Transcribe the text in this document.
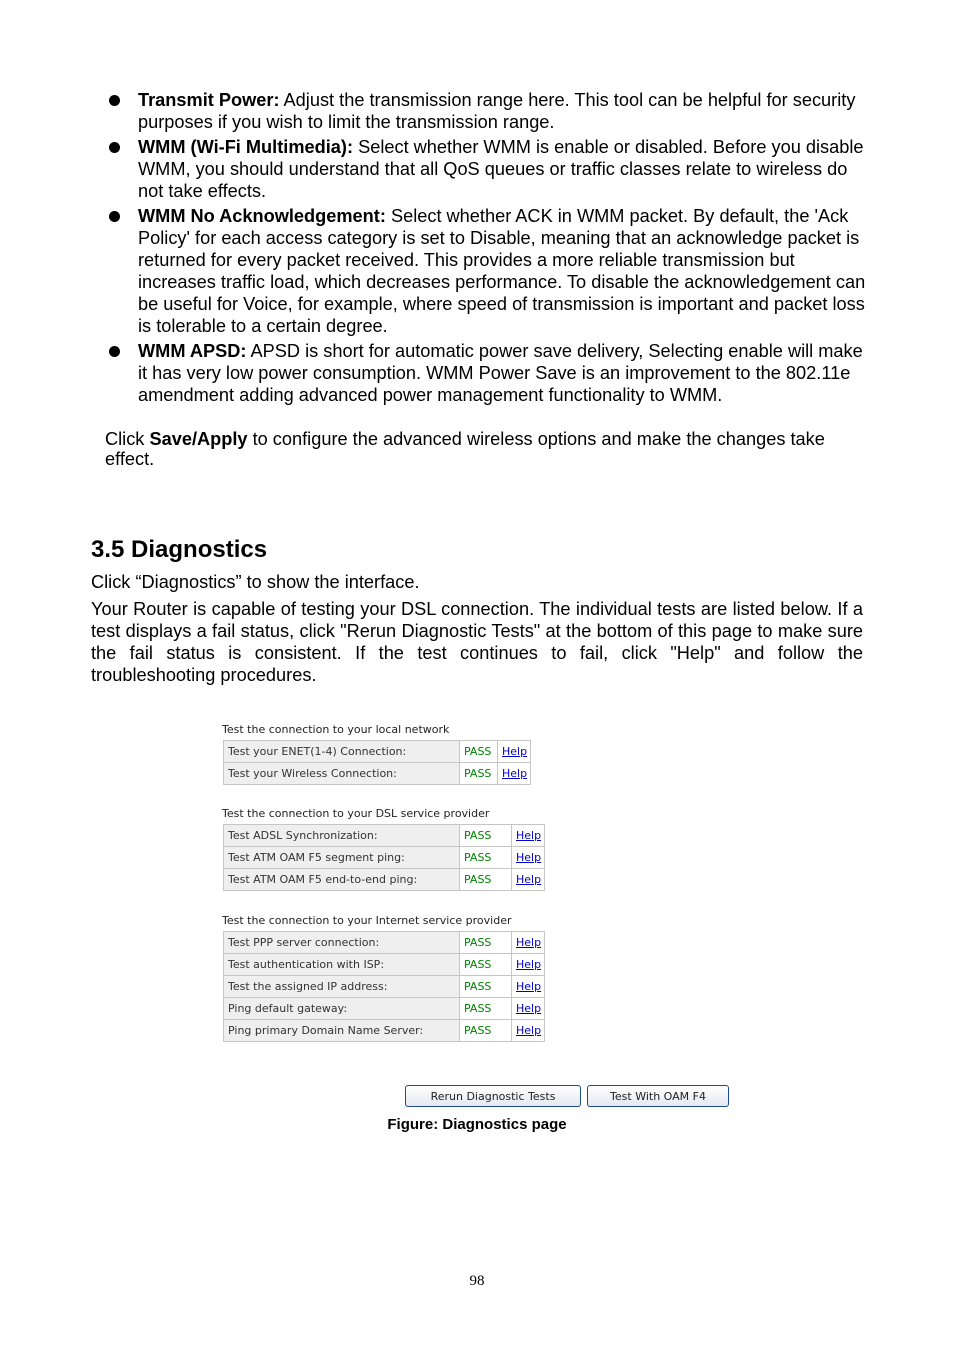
Transmit Power: Adjust the transmission range here. This tool can be helpful for security purposes if you wish to limit the transmission range.
WMM (Wi-Fi Multimedia): Select whether WMM is enable or disabled. Before you disable WMM, you should understand that all QoS queues or traffic classes relate to wireless do not take effects.
WMM No Acknowledgement: Select whether ACK in WMM packet. By default, the 'Ack Policy' for each access category is set to Disable, meaning that an acknowledge packet is returned for every packet received. This provides a more reliable transmission but increases traffic load, which decreases performance. To disable the acknowledgement can be useful for Voice, for example, where speed of transmission is important and packet loss is tolerable to a certain degree.
WMM APSD: APSD is short for automatic power save delivery, Selecting enable will make it has very low power consumption. WMM Power Save is an improvement to the 802.11e amendment adding advanced power management functionality to WMM.

Click Save/Apply to configure the advanced wireless options and make the changes take effect.

3.5 Diagnostics

Click “Diagnostics” to show the interface.

Your Router is capable of testing your DSL connection. The individual tests are listed below. If a test displays a fail status, click "Rerun Diagnostic Tests" at the bottom of this page to make sure the fail status is consistent. If the test continues to fail, click "Help" and follow the troubleshooting procedures.

Test the connection to your local network
Test your ENET(1-4) Connection:	PASS	Help
Test your Wireless Connection:	PASS	Help
Test the connection to your DSL service provider
Test ADSL Synchronization:	PASS	Help
Test ATM OAM F5 segment ping:	PASS	Help
Test ATM OAM F5 end-to-end ping:	PASS	Help
Test the connection to your Internet service provider
Test PPP server connection:	PASS	Help
Test authentication with ISP:	PASS	Help
Test the assigned IP address:	PASS	Help
Ping default gateway:	PASS	Help
Ping primary Domain Name Server:	PASS	Help
Rerun Diagnostic Tests	Test With OAM F4
Figure: Diagnostics page
98
